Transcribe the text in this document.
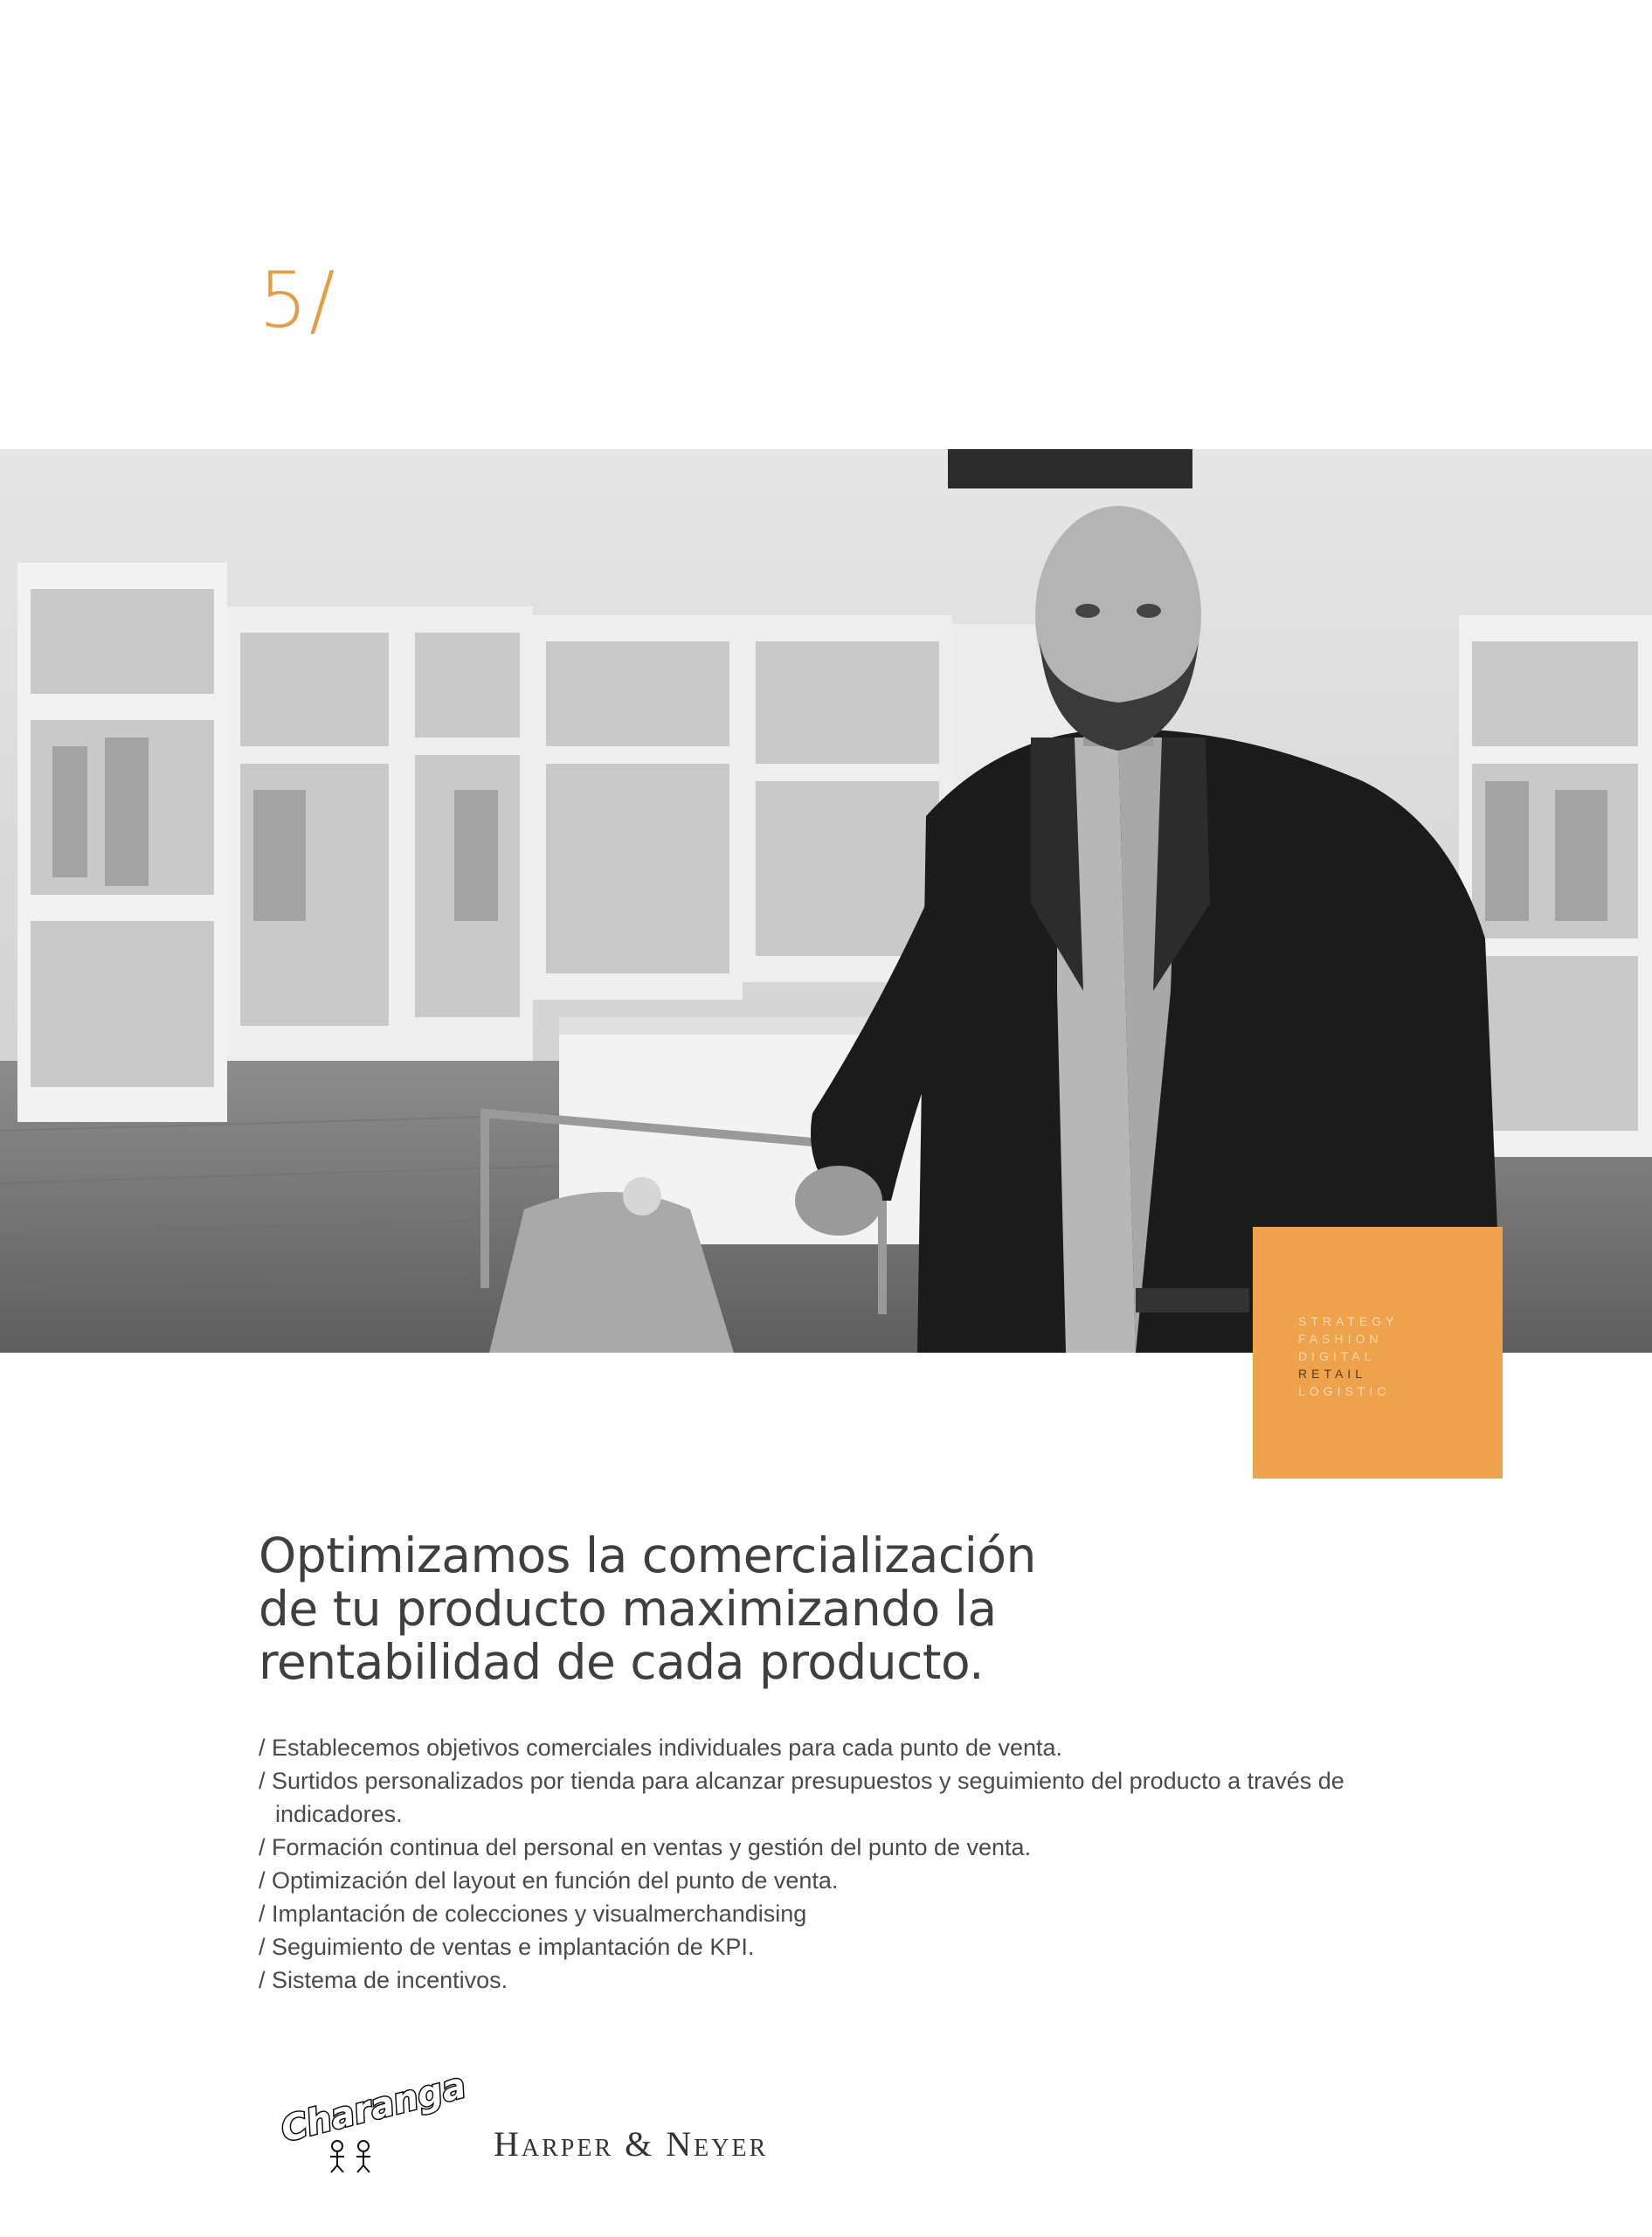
5/
STRATEGY
FASHION
DIGITAL
RETAIL
LOGISTIC
Optimizamos la comercialización
de tu producto maximizando la
rentabilidad de cada producto.
/ Establecemos objetivos comerciales individuales para cada punto de venta.
/ Surtidos personalizados por tienda para alcanzar presupuestos y seguimiento del producto a través de indicadores.
/ Formación continua del personal en ventas y gestión del punto de venta.
/ Optimización del layout en función del punto de venta.
/ Implantación de colecciones y visualmerchandising
/ Seguimiento de ventas e implantación de KPI.
/ Sistema de incentivos.
Charanga Harper & Neyer
